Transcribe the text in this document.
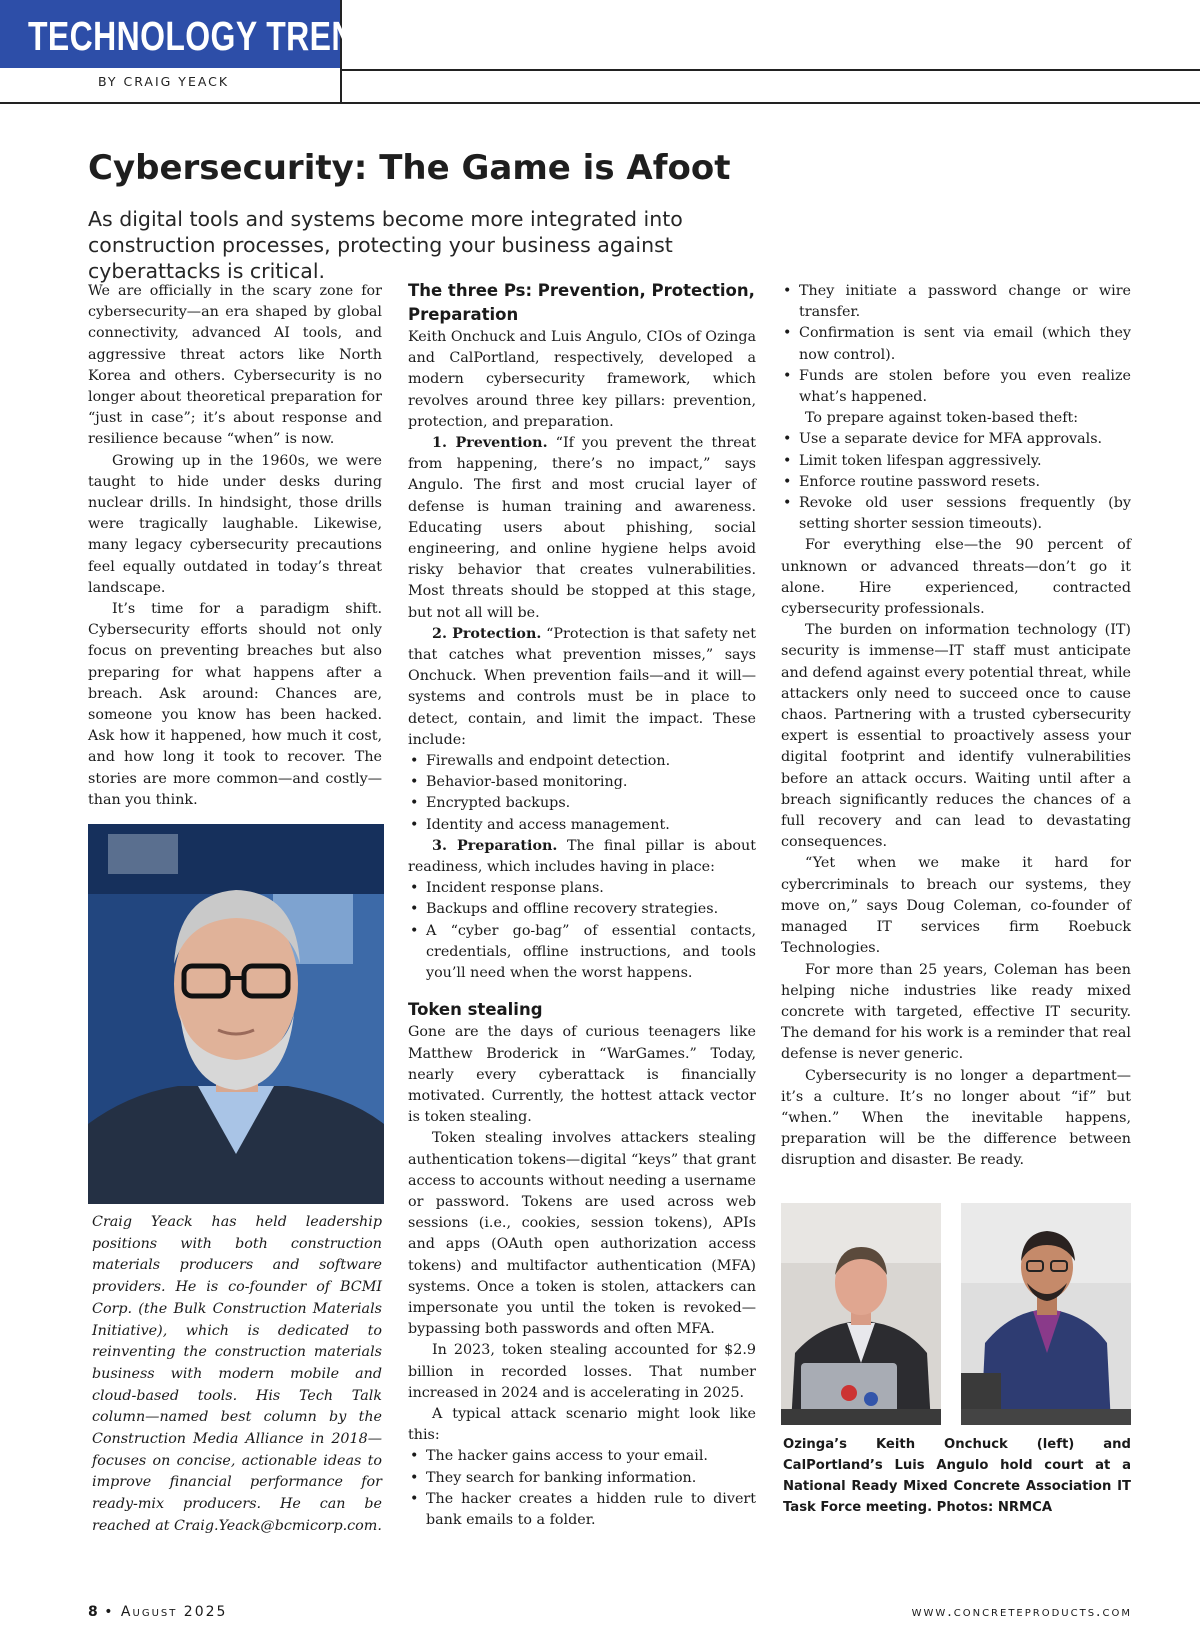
TECHNOLOGY TRENDS
BY CRAIG YEACK
Cybersecurity: The Game is Afoot

As digital tools and systems become more integrated into construction processes, protecting your business against cyberattacks is critical.

We are officially in the scary zone for cybersecurity—an era shaped by global connectivity, advanced AI tools, and aggressive threat actors like North Korea and others. Cybersecurity is no longer about theoretical preparation for “just in case”; it’s about response and resilience because “when” is now.

Growing up in the 1960s, we were taught to hide under desks during nuclear drills. In hindsight, those drills were tragically laughable. Likewise, many legacy cybersecurity precautions feel equally outdated in today’s threat landscape.

It’s time for a paradigm shift. Cybersecurity efforts should not only focus on preventing breaches but also preparing for what happens after a breach. Ask around: Chances are, someone you know has been hacked. Ask how it happened, how much it cost, and how long it took to recover. The stories are more common—and costly—than you think.

Craig Yeack has held leadership positions with both construction materials producers and software providers. He is co-founder of BCMI Corp. (the Bulk Construction Materials Initiative), which is dedicated to reinventing the construction materials business with modern mobile and cloud-based tools. His Tech Talk column—named best column by the Construction Media Alliance in 2018—focuses on concise, actionable ideas to improve financial performance for ready-mix producers. He can be reached at Craig.Yeack@bcmicorp.com.

The three Ps: Prevention, Protection, Preparation

Keith Onchuck and Luis Angulo, CIOs of Ozinga and CalPortland, respectively, developed a modern cybersecurity framework, which revolves around three key pillars: prevention, protection, and preparation.

1. Prevention. “If you prevent the threat from happening, there’s no impact,” says Angulo. The first and most crucial layer of defense is human training and awareness. Educating users about phishing, social engineering, and online hygiene helps avoid risky behavior that creates vulnerabilities. Most threats should be stopped at this stage, but not all will be.

2. Protection. “Protection is that safety net that catches what prevention misses,” says Onchuck. When prevention fails—and it will—systems and controls must be in place to detect, contain, and limit the impact. These include:

• Firewalls and endpoint detection.
• Behavior-based monitoring.
• Encrypted backups.
• Identity and access management.

3. Preparation. The final pillar is about readiness, which includes having in place:

• Incident response plans.
• Backups and offline recovery strategies.
• A “cyber go-bag” of essential contacts, credentials, offline instructions, and tools you’ll need when the worst happens.
Token stealing

Gone are the days of curious teenagers like Matthew Broderick in “WarGames.” Today, nearly every cyberattack is financially motivated. Currently, the hottest attack vector is token stealing.

Token stealing involves attackers stealing authentication tokens—digital “keys” that grant access to accounts without needing a username or password. Tokens are used across web sessions (i.e., cookies, session tokens), APIs and apps (OAuth open authorization access tokens) and multifactor authentication (MFA) systems. Once a token is stolen, attackers can impersonate you until the token is revoked—bypassing both passwords and often MFA.

In 2023, token stealing accounted for $2.9 billion in recorded losses. That number increased in 2024 and is accelerating in 2025.

A typical attack scenario might look like this:

• The hacker gains access to your email.
• They search for banking information.
• The hacker creates a hidden rule to divert bank emails to a folder.
• They initiate a password change or wire transfer.
• Confirmation is sent via email (which they now control).
• Funds are stolen before you even realize what’s happened.

To prepare against token-based theft:

• Use a separate device for MFA approvals.
• Limit token lifespan aggressively.
• Enforce routine password resets.
• Revoke old user sessions frequently (by setting shorter session timeouts).

For everything else—the 90 percent of unknown or advanced threats—don’t go it alone. Hire experienced, contracted cybersecurity professionals.

The burden on information technology (IT) security is immense—IT staff must anticipate and defend against every potential threat, while attackers only need to succeed once to cause chaos. Partnering with a trusted cybersecurity expert is essential to proactively assess your digital footprint and identify vulnerabilities before an attack occurs. Waiting until after a breach significantly reduces the chances of a full recovery and can lead to devastating consequences.

“Yet when we make it hard for cybercriminals to breach our systems, they move on,” says Doug Coleman, co-founder of managed IT services firm Roebuck Technologies.

For more than 25 years, Coleman has been helping niche industries like ready mixed concrete with targeted, effective IT security. The demand for his work is a reminder that real defense is never generic.

Cybersecurity is no longer a department—it’s a culture. It’s no longer about “if” but “when.” When the inevitable happens, preparation will be the difference between disruption and disaster. Be ready.

Ozinga’s Keith Onchuck (left) and CalPortland’s Luis Angulo hold court at a National Ready Mixed Concrete Association IT Task Force meeting. Photos: NRMCA

8 • August 2025	www.concreteproducts.com
